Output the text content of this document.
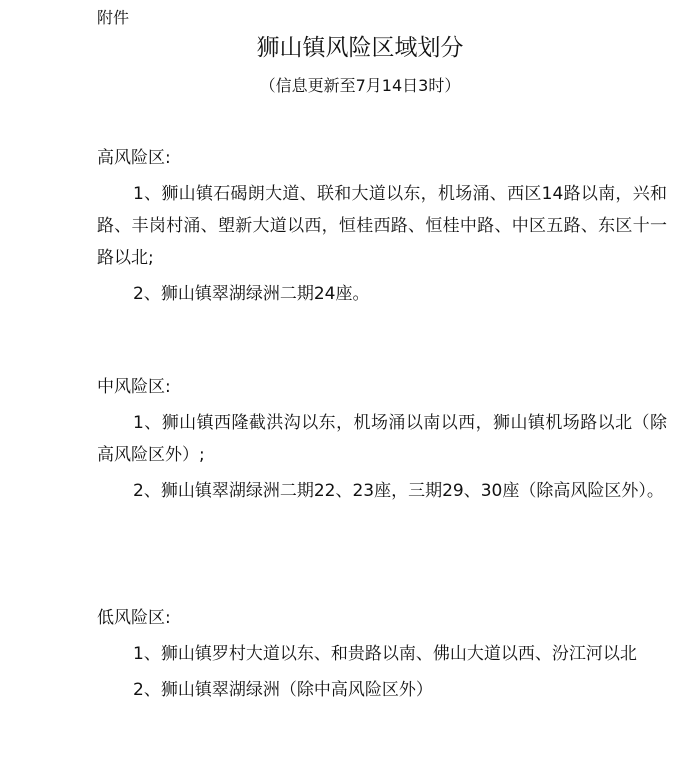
附件
狮山镇风险区域划分
（信息更新至7月14日3时）
高风险区:

1、狮山镇石碣朗大道、联和大道以东，机场涌、西区14路以南，兴和路、丰岗村涌、塱新大道以西，恒桂西路、恒桂中路、中区五路、东区十一路以北;

2、狮山镇翠湖绿洲二期24座。

中风险区:

1、狮山镇西隆截洪沟以东，机场涌以南以西，狮山镇机场路以北（除高风险区外）;

2、狮山镇翠湖绿洲二期22、23座，三期29、30座（除高风险区外）。

低风险区:

1、狮山镇罗村大道以东、和贵路以南、佛山大道以西、汾江河以北

2、狮山镇翠湖绿洲（除中高风险区外）
